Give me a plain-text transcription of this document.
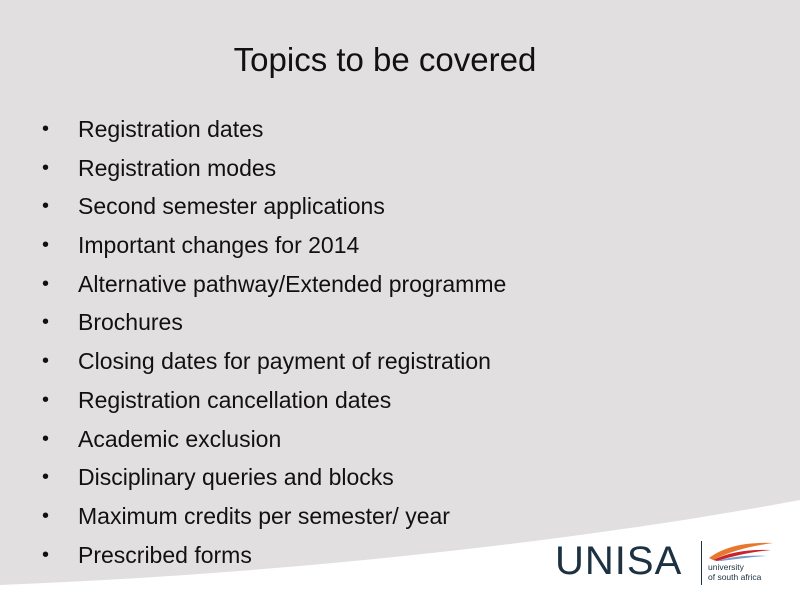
Topics to be covered
•	Registration dates
•	Registration modes
•	Second semester applications
•	Important changes for 2014
•	Alternative pathway/Extended programme
•	Brochures
•	Closing dates for payment of registration
•	Registration cancellation dates
•	Academic exclusion
•	Disciplinary queries and blocks
•	Maximum credits per semester/ year
•	Prescribed forms	UNISA	university
of south africa
